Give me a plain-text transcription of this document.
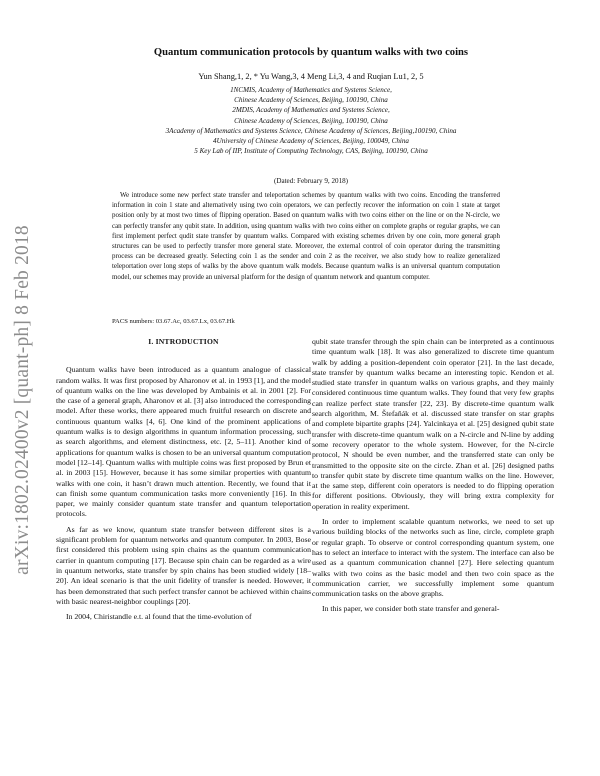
arXiv:1802.02400v2 [quant-ph] 8 Feb 2018
Quantum communication protocols by quantum walks with two coins
Yun Shang,1, 2, * Yu Wang,3, 4 Meng Li,3, 4 and Ruqian Lu1, 2, 5
1NCMIS, Academy of Mathematics and Systems Science,
Chinese Academy of Sciences, Beijing, 100190, China
2MDIS, Academy of Mathematics and Systems Science,
Chinese Academy of Sciences, Beijing, 100190, China
3Academy of Mathematics and Systems Science, Chinese Academy of Sciences, Beijing,100190, China
4University of Chinese Academy of Sciences, Beijing, 100049, China
5 Key Lab of IIP, Institute of Computing Technology, CAS, Beijing, 100190, China
(Dated: February 9, 2018)

We introduce some new perfect state transfer and teleportation schemes by quantum walks with two coins. Encoding the transferred information in coin 1 state and alternatively using two coin operators, we can perfectly recover the information on coin 1 state at target position only by at most two times of flipping operation. Based on quantum walks with two coins either on the line or on the N-circle, we can perfectly transfer any qubit state. In addition, using quantum walks with two coins either on complete graphs or regular graphs, we can first implement perfect qudit state transfer by quantum walks. Compared with existing schemes driven by one coin, more general graph structures can be used to perfectly transfer more general state. Moreover, the external control of coin operator during the transmitting process can be decreased greatly. Selecting coin 1 as the sender and coin 2 as the receiver, we also study how to realize generalized teleportation over long steps of walks by the above quantum walk models. Because quantum walks is an universal quantum computation model, our schemes may provide an universal platform for the design of quantum network and quantum computer.

PACS numbers: 03.67.Ac, 03.67.Lx, 03.67.Hk
I. INTRODUCTION

Quantum walks have been introduced as a quantum analogue of classical random walks. It was first proposed by Aharonov et al. in 1993 [1], and the model of quantum walks on the line was developed by Ambainis et al. in 2001 [2]. For the case of a general graph, Aharonov et al. [3] also introduced the corresponding model. After these works, there appeared much fruitful research on discrete and continuous quantum walks [4, 6]. One kind of the prominent applications of quantum walks is to design algorithms in quantum information processing, such as search algorithms, and element distinctness, etc. [2, 5–11]. Another kind of applications for quantum walks is chosen to be an universal quantum computation model [12–14]. Quantum walks with multiple coins was first proposed by Brun et al. in 2003 [15]. However, because it has some similar properties with quantum walks with one coin, it hasn’t drawn much attention. Recently, we found that it can finish some quantum communication tasks more conveniently [16]. In this paper, we mainly consider quantum state transfer and quantum teleportation protocols.

As far as we know, quantum state transfer between different sites is a significant problem for quantum networks and quantum computer. In 2003, Bose first considered this problem using spin chains as the quantum communication carrier in quantum computing [17]. Because spin chain can be regarded as a wire in quantum networks, state transfer by spin chains has been studied widely [18–20]. An ideal scenario is that the unit fidelity of transfer is needed. However, it has been demonstrated that such perfect transfer cannot be achieved within chains with basic nearest-neighbor couplings [20].

In 2004, Chiristandle e.t. al found that the time-evolution of

qubit state transfer through the spin chain can be interpreted as a continuous time quantum walk [18]. It was also generalized to discrete time quantum walk by adding a position-dependent coin operator [21]. In the last decade, state transfer by quantum walks became an interesting topic. Kendon et al. studied state transfer in quantum walks on various graphs, and they mainly considered continuous time quantum walks. They found that very few graphs can realize perfect state transfer [22, 23]. By discrete-time quantum walk search algorithm, M. Štefaňák et al. discussed state transfer on star graphs and complete bipartite graphs [24]. Yalcinkaya et al. [25] designed qubit state transfer with discrete-time quantum walk on a N-circle and N-line by adding some recovery operator to the whole system. However, for the N-circle protocol, N should be even number, and the transferred state can only be transmitted to the opposite site on the circle. Zhan et al. [26] designed paths to transfer qubit state by discrete time quantum walks on the line. However, at the same step, different coin operators is needed to do flipping operation for different positions. Obviously, they will bring extra complexity for operation in reality experiment.

In order to implement scalable quantum networks, we need to set up various building blocks of the networks such as line, circle, complete graph or regular graph. To observe or control corresponding quantum system, one has to select an interface to interact with the system. The interface can also be used as a quantum communication channel [27]. Here selecting quantum walks with two coins as the basic model and then two coin space as the communication carrier, we successfully implement some quantum communication tasks on the above graphs.

In this paper, we consider both state transfer and general-
